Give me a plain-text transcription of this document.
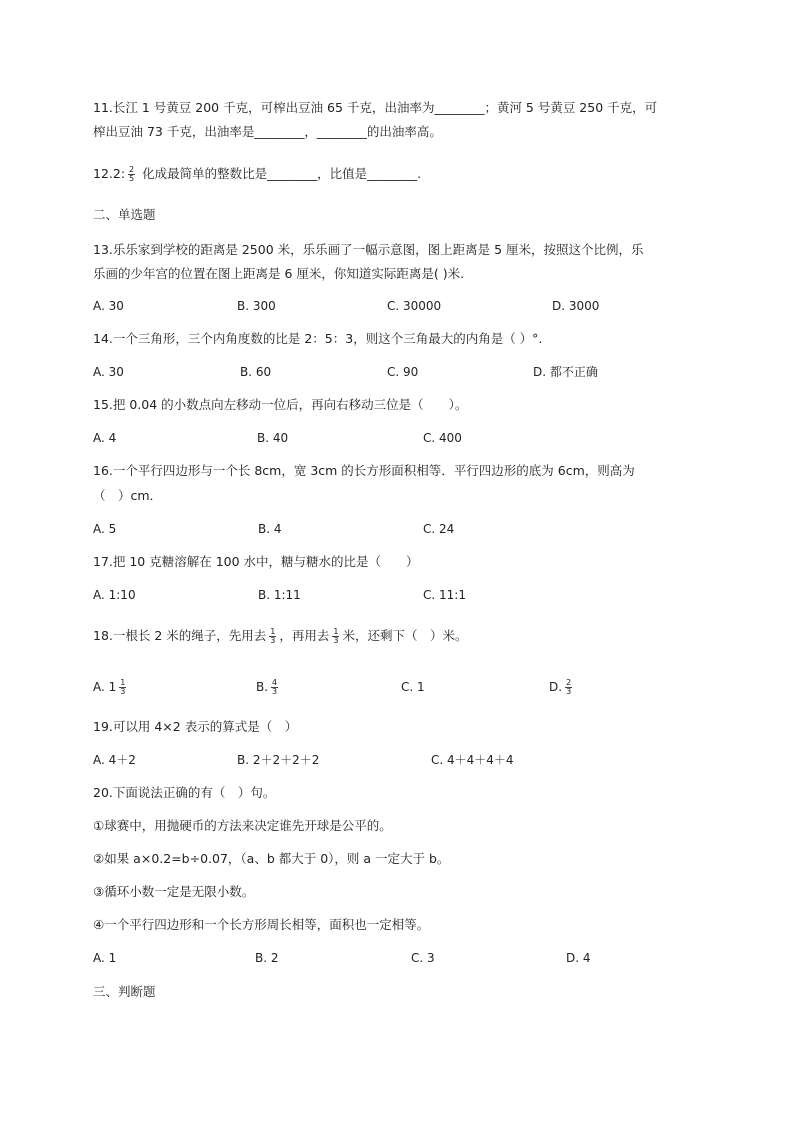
11.长江 1 号黄豆 200 千克，可榨出豆油 65 千克，出油率为________；黄河 5 号黄豆 250 千克，可
榨出豆油 73 千克，出油率是________，________的出油率高。
12.2: $\frac{2}{5}$ 化成最简单的整数比是________，比值是________.
二、单选题
13.乐乐家到学校的距离是 2500 米，乐乐画了一幅示意图，图上距离是 5 厘米，按照这个比例，乐
乐画的少年宫的位置在图上距离是 6 厘米，你知道实际距离是( )米.
A. 30	B. 300	C. 30000	D. 3000
14.一个三角形，三个内角度数的比是 2：5：3，则这个三角最大的内角是（ ）°.
A. 30	B. 60	C. 90	D. 都不正确
15.把 0.04 的小数点向左移动一位后，再向右移动三位是（　　）。
A. 4	B. 40	C. 400
16.一个平行四边形与一个长 8cm，宽 3cm 的长方形面积相等．平行四边形的底为 6cm，则高为
（　）cm．
A. 5	B. 4	C. 24
17.把 10 克糖溶解在 100 水中，糖与糖水的比是（　　）
A. 1:10	B. 1:11	C. 11:1
18.一根长 2 米的绳子，先用去 $\frac{1}{3}$ ，再用去 $\frac{1}{3}$ 米，还剩下（　）米。
A. $1 \frac{1}{3}$	B. $\frac{4}{3}$	C. 1	D. $\frac{2}{3}$
19.可以用 4×2 表示的算式是（　）
A. 4＋2	B. 2＋2＋2＋2	C. 4＋4＋4＋4
20.下面说法正确的有（　）句。
①球赛中，用抛硬币的方法来决定谁先开球是公平的。
②如果 a×0.2=b÷0.07，（a、b 都大于 0），则 a 一定大于 b。
③循环小数一定是无限小数。
④一个平行四边形和一个长方形周长相等，面积也一定相等。
A. 1	B. 2	C. 3	D. 4
三、判断题
